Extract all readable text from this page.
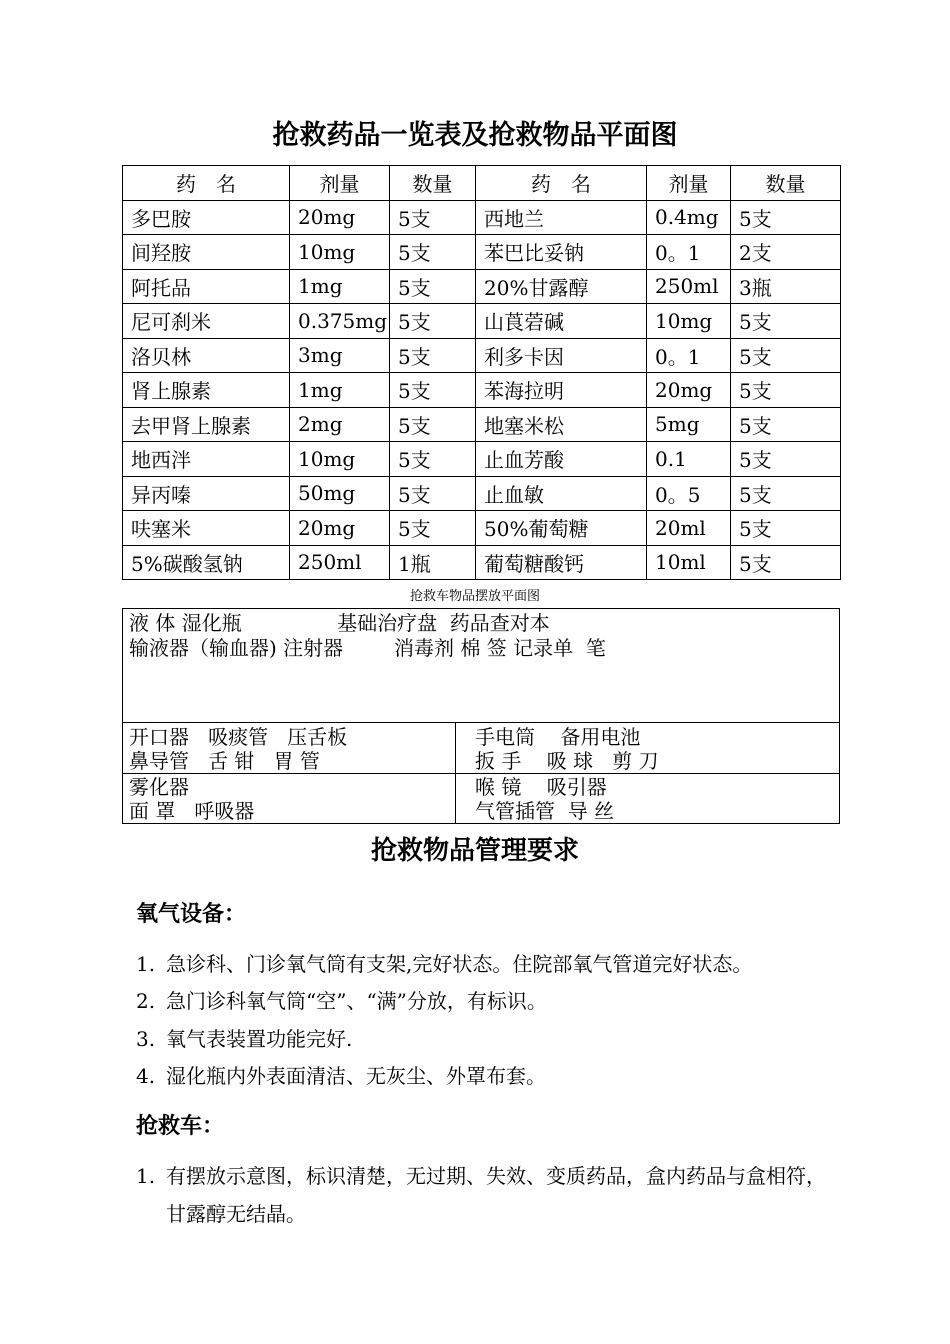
抢救药品一览表及抢救物品平面图
药　名	剂量	数量	药　名	剂量	数量
多巴胺	20mg	5支	西地兰	0.4mg	5支
间羟胺	10mg	5支	苯巴比妥钠	0。1	2支
阿托品	1mg	5支	20%甘露醇	250ml	3瓶
尼可刹米	0.375mg	5支	山莨菪碱	10mg	5支
洛贝林	3mg	5支	利多卡因	0。1	5支
肾上腺素	1mg	5支	苯海拉明	20mg	5支
去甲肾上腺素	2mg	5支	地塞米松	5mg	5支
地西泮	10mg	5支	止血芳酸	0.1	5支
异丙嗪	50mg	5支	止血敏	0。5	5支
呋塞米	20mg	5支	50%葡萄糖	20ml	5支
5%碳酸氢钠	250ml	1瓶	葡萄糖酸钙	10ml	5支
抢救车物品摆放平面图
液 体 湿化瓶               基础治疗盘  药品查对本
输液器（输血器) 注射器        消毒剂 棉 签 记录单  笔
开口器   吸痰管   压舌板
鼻导管   舌 钳   胃 管
手电筒    备用电池
扳 手    吸 球   剪 刀
雾化器
面 罩   呼吸器
喉 镜    吸引器
气管插管  导 丝
抢救物品管理要求
氧气设备：
1. 急诊科、门诊氧气筒有支架,完好状态。住院部氧气管道完好状态。
2. 急门诊科氧气筒“空”、“满”分放，有标识。
3. 氧气表装置功能完好.
4. 湿化瓶内外表面清洁、无灰尘、外罩布套。
抢救车：
1. 有摆放示意图，标识清楚，无过期、失效、变质药品，盒内药品与盒相符，甘露醇无结晶。
